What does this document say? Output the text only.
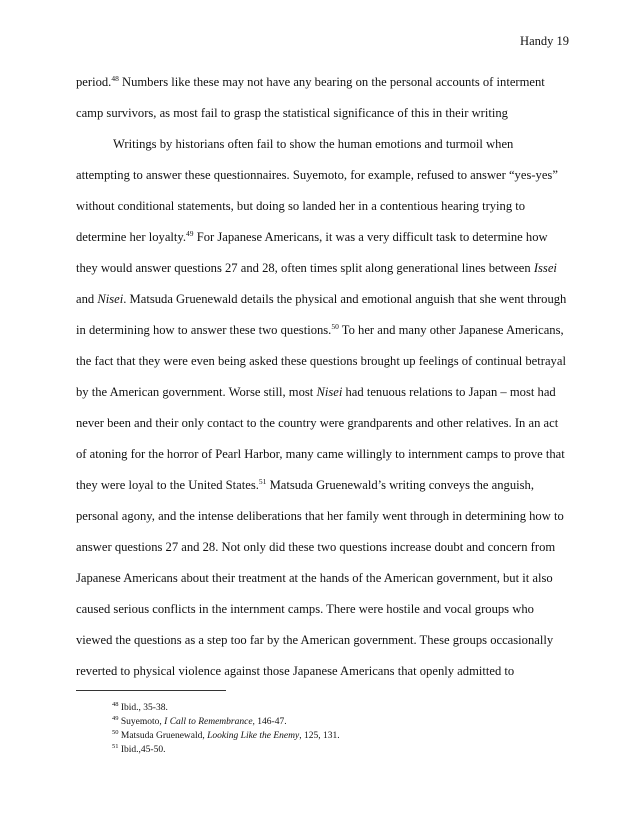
Handy 19
period.$^{48}$ Numbers like these may not have any bearing on the personal accounts of interment
camp survivors, as most fail to grasp the statistical significance of this in their writing
Writings by historians often fail to show the human emotions and turmoil when
attempting to answer these questionnaires. Suyemoto, for example, refused to answer “yes-yes”
without conditional statements, but doing so landed her in a contentious hearing trying to
determine her loyalty.$^{49}$ For Japanese Americans, it was a very difficult task to determine how
they would answer questions 27 and 28, often times split along generational lines between Issei
and Nisei. Matsuda Gruenewald details the physical and emotional anguish that she went through
in determining how to answer these two questions.$^{50}$ To her and many other Japanese Americans,
the fact that they were even being asked these questions brought up feelings of continual betrayal
by the American government. Worse still, most Nisei had tenuous relations to Japan – most had
never been and their only contact to the country were grandparents and other relatives. In an act
of atoning for the horror of Pearl Harbor, many came willingly to internment camps to prove that
they were loyal to the United States.$^{51}$ Matsuda Gruenewald’s writing conveys the anguish,
personal agony, and the intense deliberations that her family went through in determining how to
answer questions 27 and 28. Not only did these two questions increase doubt and concern from
Japanese Americans about their treatment at the hands of the American government, but it also
caused serious conflicts in the internment camps. There were hostile and vocal groups who
viewed the questions as a step too far by the American government. These groups occasionally
reverted to physical violence against those Japanese Americans that openly admitted to
$^{48}$ Ibid., 35-38.
$^{49}$ Suyemoto, I Call to Remembrance, 146-47.
$^{50}$ Matsuda Gruenewald, Looking Like the Enemy, 125, 131.
$^{51}$ Ibid.,45-50.
